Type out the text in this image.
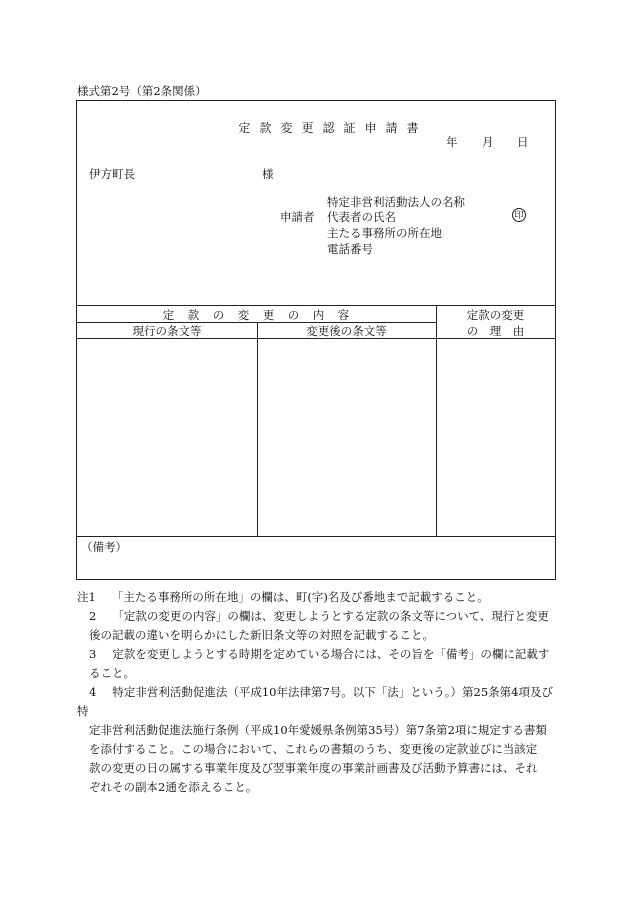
様式第2号（第2条関係）
定款変更認証申請書
年 月 日
伊方町長	様
申請者
特定非営利活動法人の名称
代表者の氏名
主たる事務所の所在地
電話番号
印
定　款　の　変　更　の　内　容
現行の条文等	変更後の条文等
定款の変更
の　理　由
（備考）
注1 「主たる事務所の所在地」の欄は、町(字)名及び番地まで記載すること。
2 「定款の変更の内容」の欄は、変更しようとする定款の条文等について、現行と変更
後の記載の違いを明らかにした新旧条文等の対照を記載すること。
3 定款を変更しようとする時期を定めている場合には、その旨を「備考」の欄に記載す
ること。
4 特定非営利活動促進法（平成10年法律第7号。以下「法」という。）第25条第4項及び特
定非営利活動促進法施行条例（平成10年愛媛県条例第35号）第7条第2項に規定する書類
を添付すること。この場合において、これらの書類のうち、変更後の定款並びに当該定
款の変更の日の属する事業年度及び翌事業年度の事業計画書及び活動予算書には、それ
ぞれその副本2通を添えること。
